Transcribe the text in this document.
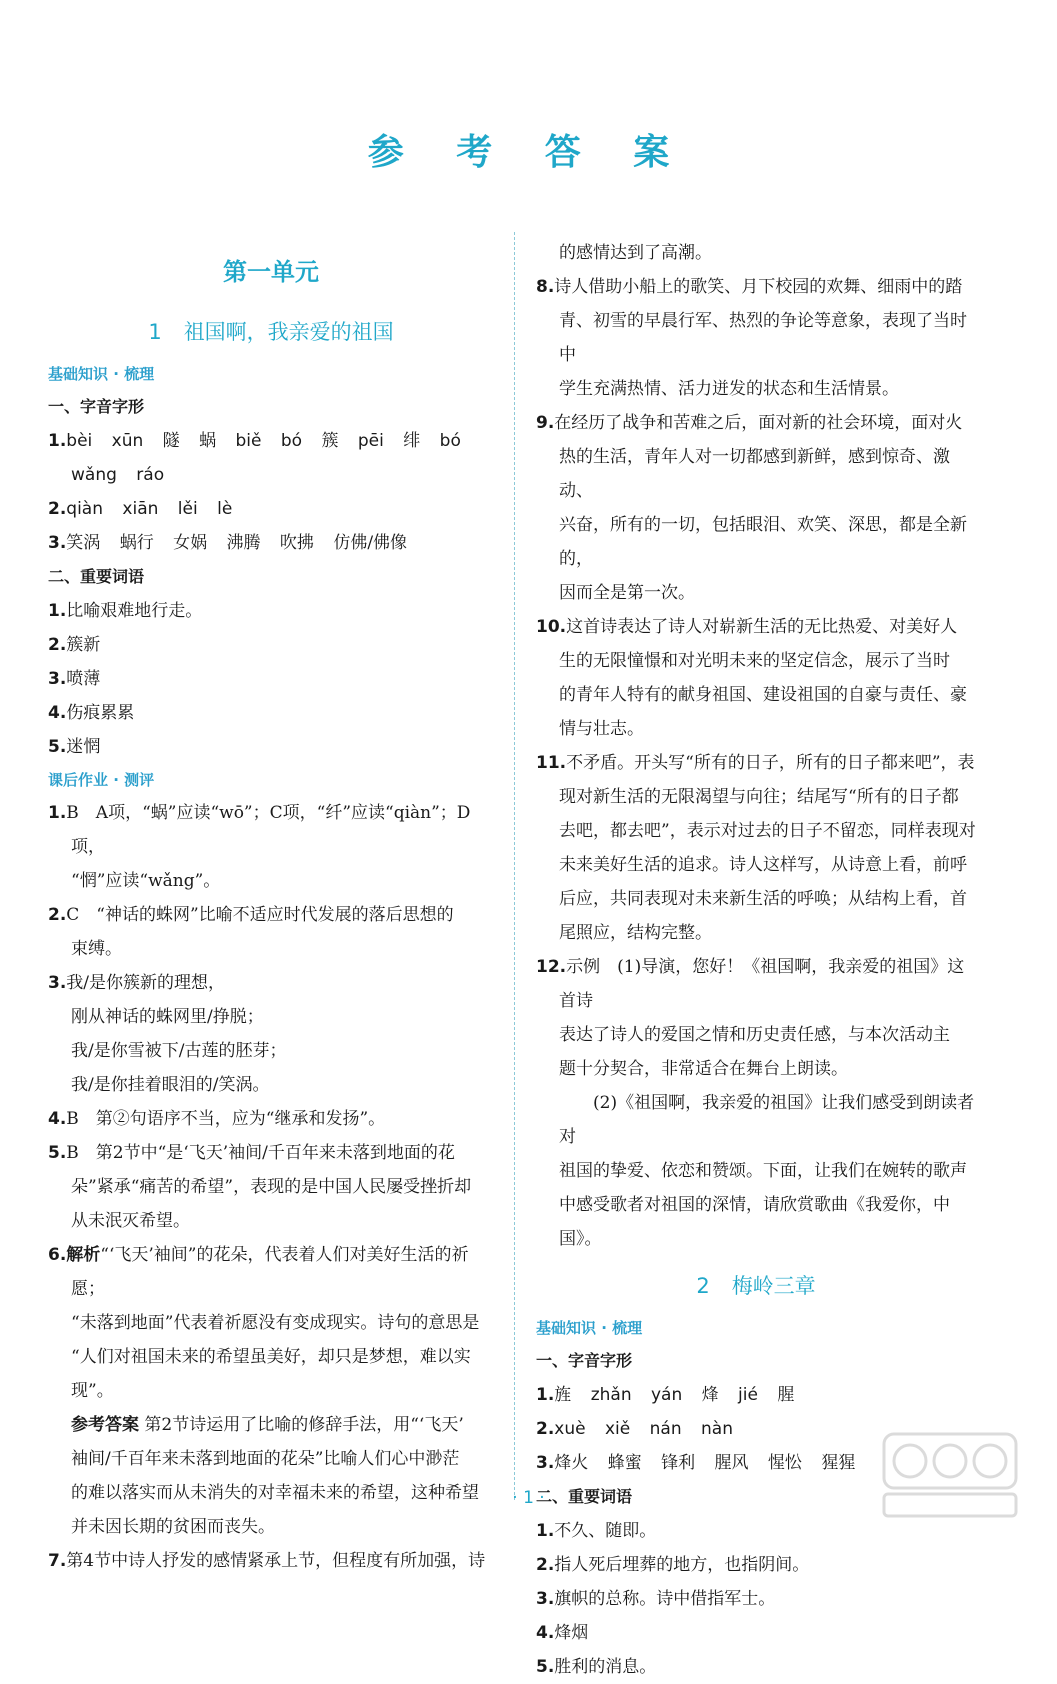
参 考 答 案
第一单元
1 祖国啊，我亲爱的祖国
基础知识 · 梳理
一、字音字形
1.bèi xūn 隧 蜗 biě bó 簇 pēi 绯 bó
wǎng ráo
2.qiàn xiān lěi lè
3.笑涡 蜗行 女娲 沸腾 吹拂 仿佛/佛像
二、重要词语
1.比喻艰难地行走。
2.簇新
3.喷薄
4.伤痕累累
5.迷惘
课后作业 · 测评
1.B　A项，“蜗”应读“wō”；C项，“纤”应读“qiàn”；D项，
“惘”应读“wǎng”。
2.C　“神话的蛛网”比喻不适应时代发展的落后思想的
束缚。
3.我/是你簇新的理想，
刚从神话的蛛网里/挣脱；
我/是你雪被下/古莲的胚芽；
我/是你挂着眼泪的/笑涡。
4.B　第②句语序不当，应为“继承和发扬”。
5.B　第2节中“是‘飞天’袖间/千百年来未落到地面的花
朵”紧承“痛苦的希望”，表现的是中国人民屡受挫折却
从未泯灭希望。
6.解析“‘飞天’袖间”的花朵，代表着人们对美好生活的祈愿；
“未落到地面”代表着祈愿没有变成现实。诗句的意思是
“人们对祖国未来的希望虽美好，却只是梦想，难以实现”。
参考答案 第2节诗运用了比喻的修辞手法，用“‘飞天’
袖间/千百年来未落到地面的花朵”比喻人们心中渺茫
的难以落实而从未消失的对幸福未来的希望，这种希望
并未因长期的贫困而丧失。
7.第4节中诗人抒发的感情紧承上节，但程度有所加强，诗
的感情达到了高潮。
8.诗人借助小船上的歌笑、月下校园的欢舞、细雨中的踏
青、初雪的早晨行军、热烈的争论等意象，表现了当时中
学生充满热情、活力迸发的状态和生活情景。
9.在经历了战争和苦难之后，面对新的社会环境，面对火
热的生活，青年人对一切都感到新鲜，感到惊奇、激动、
兴奋，所有的一切，包括眼泪、欢笑、深思，都是全新的，
因而全是第一次。
10.这首诗表达了诗人对崭新生活的无比热爱、对美好人
生的无限憧憬和对光明未来的坚定信念，展示了当时
的青年人特有的献身祖国、建设祖国的自豪与责任、豪
情与壮志。
11.不矛盾。开头写“所有的日子，所有的日子都来吧”，表
现对新生活的无限渴望与向往；结尾写“所有的日子都
去吧，都去吧”，表示对过去的日子不留恋，同样表现对
未来美好生活的追求。诗人这样写，从诗意上看，前呼
后应，共同表现对未来新生活的呼唤；从结构上看，首
尾照应，结构完整。
12.示例　(1)导演，您好！《祖国啊，我亲爱的祖国》这首诗
表达了诗人的爱国之情和历史责任感，与本次活动主
题十分契合，非常适合在舞台上朗读。
(2)《祖国啊，我亲爱的祖国》让我们感受到朗读者对
祖国的挚爱、依恋和赞颂。下面，让我们在婉转的歌声
中感受歌者对祖国的深情，请欣赏歌曲《我爱你，中国》。
2 梅岭三章
基础知识 · 梳理
一、字音字形
1.旌 zhǎn yán 烽 jié 腥
2.xuè xiě nán nàn
3.烽火 蜂蜜 锋利 腥风 惺忪 猩猩
二、重要词语
1.不久、随即。
2.指人死后埋葬的地方，也指阴间。
3.旗帜的总称。诗中借指军士。
4.烽烟
5.胜利的消息。
· 1 ·
